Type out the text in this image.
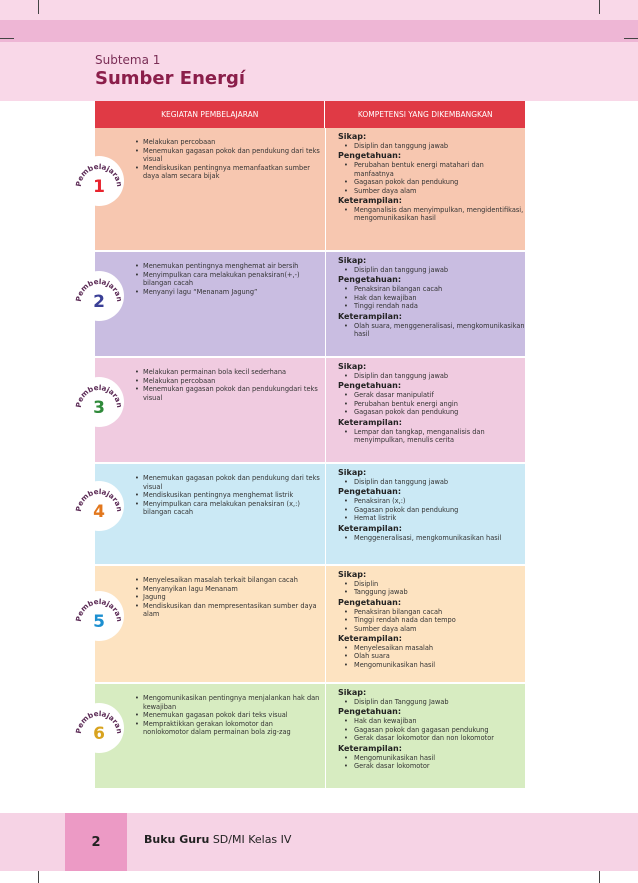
Subtema 1
Sumber Energí
KEGIATAN PEMBELAJARAN	KOMPETENSI YANG DIKEMBANGKAN
Pembelajaran
1
• Melakukan percobaan
• Menemukan gagasan pokok dan pendukung dari teks visual
• Mendiskusikan pentingnya memanfaatkan sumber daya alam secara bijak
Sikap:
• Disiplin dan tanggung jawab
Pengetahuan:
• Perubahan bentuk energi matahari dan manfaatnya
• Gagasan pokok dan pendukung
• Sumber daya alam
Keterampilan:
• Menganalisis dan menyimpulkan, mengidentifikasi, mengomunikasikan hasil
Pembelajaran
2
• Menemukan pentingnya menghemat air bersih
• Menyimpulkan cara melakukan penaksiran(+,-) bilangan cacah
• Menyanyi lagu “Menanam Jagung”
Sikap:
• Disiplin dan tanggung jawab
Pengetahuan:
• Penaksiran bilangan cacah
• Hak dan kewajiban
• Tinggi rendah nada
Keterampilan:
• Olah suara, menggeneralisasi, mengkomunikasikan hasil
Pembelajaran
3
• Melakukan permainan bola kecil sederhana
• Melakukan percobaan
• Menemukan gagasan pokok dan pendukungdari teks visual
Sikap:
• Disiplin dan tanggung jawab
Pengetahuan:
• Gerak dasar manipulatif
• Perubahan bentuk energi angin
• Gagasan pokok dan pendukung
Keterampilan:
• Lempar dan tangkap, menganalisis dan menyimpulkan, menulis cerita
Pembelajaran
4
• Menemukan gagasan pokok dan pendukung dari teks visual
• Mendiskusikan pentingnya menghemat listrik
• Menyimpulkan cara melakukan penaksiran (x,:) bilangan cacah
Sikap:
• Disiplin dan tanggung jawab
Pengetahuan:
• Penaksiran (x,:)
• Gagasan pokok dan pendukung
• Hemat listrik
Keterampilan:
• Menggeneralisasi, mengkomunikasikan hasil
Pembelajaran
5
• Menyelesaikan masalah terkait bilangan cacah
• Menyanyikan lagu Menanam
• Jagung
• Mendiskusikan dan mempresentasikan sumber daya alam
Sikap:
• Disiplin
• Tanggung jawab
Pengetahuan:
• Penaksiran bilangan cacah
• Tinggi rendah nada dan tempo
• Sumber daya alam
Keterampilan:
• Menyelesaikan masalah
• Olah suara
• Mengomunikasikan hasil
Pembelajaran
6
• Mengomunikasikan pentingnya menjalankan hak dan kewajiban
• Menemukan gagasan pokok dari teks visual
• Mempraktikkan gerakan lokomotor dan nonlokomotor dalam permainan bola zig-zag
Sikap:
• Disiplin dan Tanggung Jawab
Pengetahuan:
• Hak dan kewajiban
• Gagasan pokok dan gagasan pendukung
• Gerak dasar lokomotor dan non lokomotor
Keterampilan:
• Mengomunikasikan hasil
• Gerak dasar lokomotor
2	Buku Guru SD/MI Kelas IV
